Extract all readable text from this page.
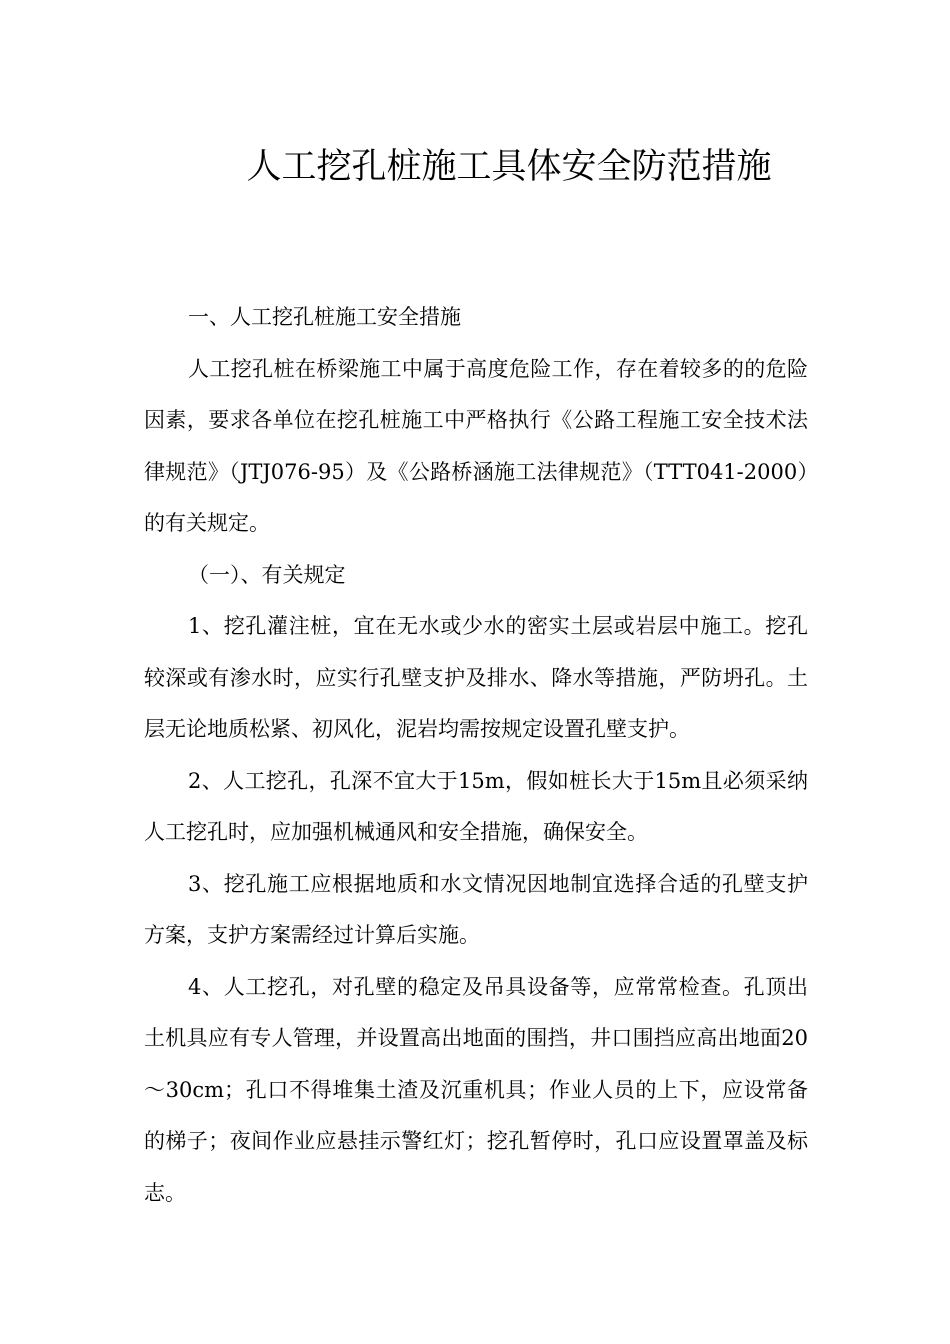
人工挖孔桩施工具体安全防范措施

一、人工挖孔桩施工安全措施

人工挖孔桩在桥梁施工中属于高度危险工作，存在着较多的的危险因素，要求各单位在挖孔桩施工中严格执行《公路工程施工安全技术法律规范》（JTJ076-95）及《公路桥涵施工法律规范》（TTT041-2000）的有关规定。

（一）、有关规定

1、挖孔灌注桩，宜在无水或少水的密实土层或岩层中施工。挖孔较深或有渗水时，应实行孔壁支护及排水、降水等措施，严防坍孔。土层无论地质松紧、初风化，泥岩均需按规定设置孔壁支护。

2、人工挖孔，孔深不宜大于15m，假如桩长大于15m且必须采纳人工挖孔时，应加强机械通风和安全措施，确保安全。

3、挖孔施工应根据地质和水文情况因地制宜选择合适的孔壁支护方案，支护方案需经过计算后实施。

4、人工挖孔，对孔壁的稳定及吊具设备等，应常常检查。孔顶出土机具应有专人管理，并设置高出地面的围挡，井口围挡应高出地面20～30cm；孔口不得堆集土渣及沉重机具；作业人员的上下，应设常备的梯子；夜间作业应悬挂示警红灯；挖孔暂停时，孔口应设置罩盖及标志。
